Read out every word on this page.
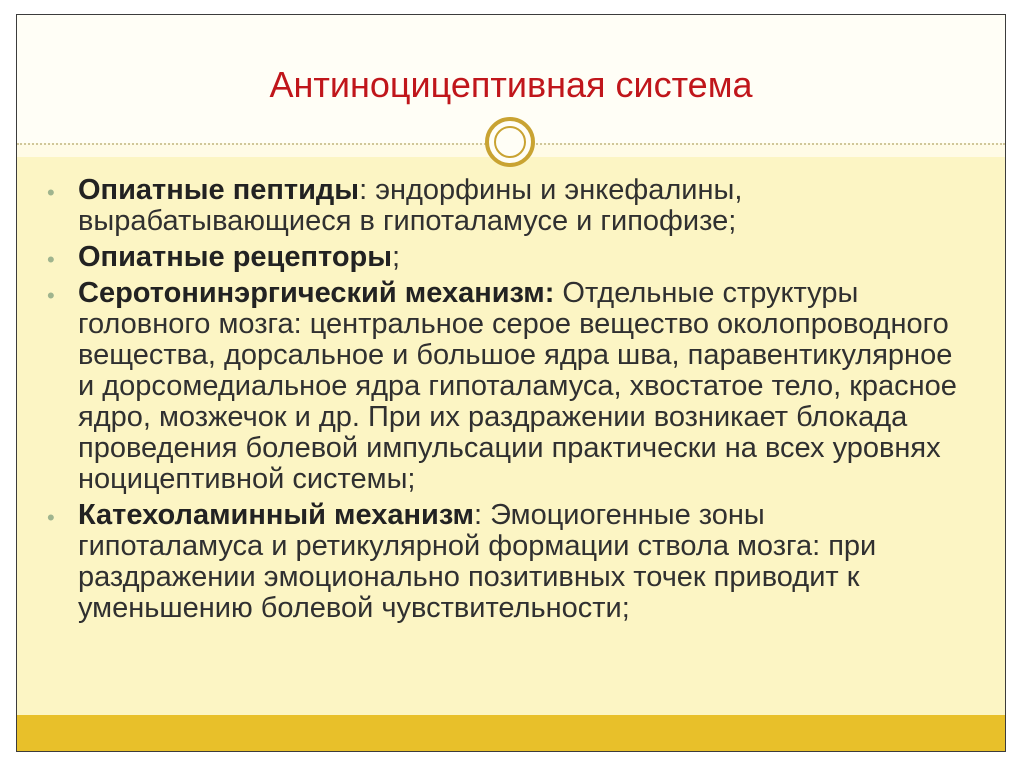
Антиноцицептивная система
• Опиатные пептиды: эндорфины и энкефалины, вырабатывающиеся в гипоталамусе и гипофизе;
• Опиатные рецепторы;
• Серотонинэргический механизм: Отдельные структуры головного мозга: центральное серое вещество околопроводного вещества, дорсальное и большое ядра шва, паравентикулярное и дорсомедиальное ядра гипоталамуса, хвостатое тело, красное ядро, мозжечок и др. При их раздражении возникает блокада проведения болевой импульсации практически на всех уровнях ноцицептивной системы;
• Катехоламинный механизм: Эмоциогенные зоны гипоталамуса и ретикулярной формации ствола мозга: при раздражении эмоционально позитивных точек приводит к уменьшению болевой чувствительности;
